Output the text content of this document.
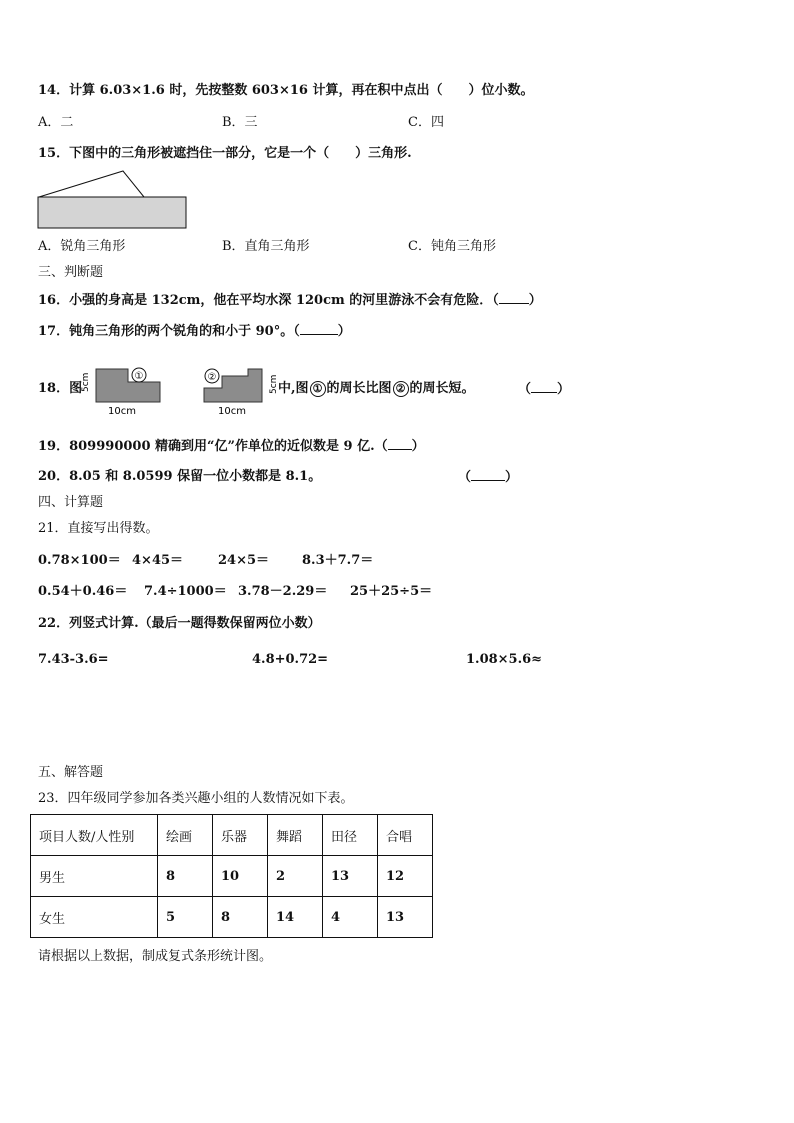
14．计算 6.03×1.6 时，先按整数 603×16 计算，再在积中点出（　　）位小数。
A．二	B．三	C．四
15．下图中的三角形被遮挡住一部分，它是一个（　　）三角形.
A．锐角三角形	B．直角三角形	C．钝角三角形
三、判断题
16．小强的身高是 132cm，他在平均水深 120cm 的河里游泳不会有危险．（ ）
17．钝角三角形的两个锐角的和小于 90°。（	）
18．图
5cm	①
10cm
②	5cm
10cm
中,图 ① 的周长比图 ② 的周长短。	（ ）
19．809990000 精确到用“亿”作单位的近似数是 9 亿.（ ）
20．8.05 和 8.0599 保留一位小数都是 8.1。	（	）
四、计算题
21．直接写出得数。
0.78×100＝ 4×45＝	24×5＝	8.3＋7.7＝
0.54＋0.46＝ 7.4÷1000＝ 3.78－2.29＝ 25＋25÷5＝
22．列竖式计算.（最后一题得数保留两位小数）
7.43-3.6=	4.8+0.72=	1.08×5.6≈
五、解答题
23．四年级同学参加各类兴趣小组的人数情况如下表。
项目人数/人性别	绘画	乐器	舞蹈	田径	合唱
男生	8	10	2	13	12
女生	5	8	14	4	13
请根据以上数据，制成复式条形统计图。
